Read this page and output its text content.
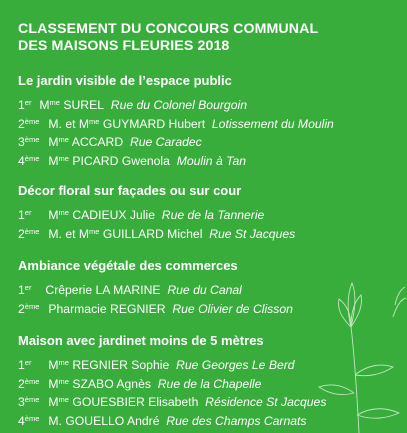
CLASSEMENT DU CONCOURS COMMUNAL
DES MAISONS FLEURIES 2018
Le jardin visible de l’espace public
1er $M^{me}$ SUREL Rue du Colonel Bourgoin
2ème M. et $M^{me}$ GUYMARD Hubert Lotissement du Moulin
3ème $M^{me}$ ACCARD Rue Caradec
4ème $M^{me}$ PICARD Gwenola Moulin à Tan
Décor floral sur façades ou sur cour
1er $M^{me}$ CADIEUX Julie Rue de la Tannerie
2ème M. et $M^{me}$ GUILLARD Michel Rue St Jacques
Ambiance végétale des commerces
1er Crêperie LA MARINE Rue du Canal
2ème Pharmacie REGNIER Rue Olivier de Clisson
Maison avec jardinet moins de 5 mètres
1er $M^{me}$ REGNIER Sophie Rue Georges Le Berd
2ème $M^{me}$ SZABO Agnès Rue de la Chapelle
3ème $M^{me}$ GOUESBIER Elisabeth Résidence St Jacques
4ème M. GOUELLO André Rue des Champs Carnats
